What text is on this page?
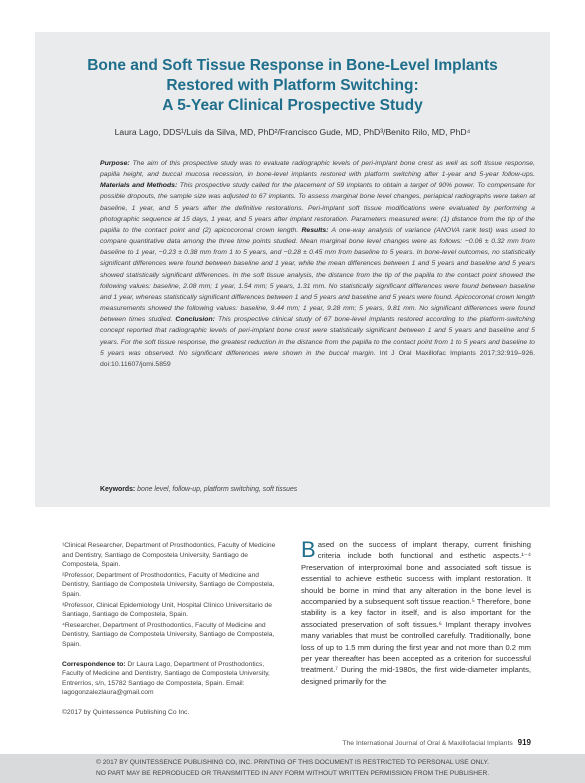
Bone and Soft Tissue Response in Bone-Level Implants
Restored with Platform Switching:
A 5-Year Clinical Prospective Study
Laura Lago, DDS¹/Luis da Silva, MD, PhD²/Francisco Gude, MD, PhD³/Benito Rilo, MD, PhD⁴
Purpose: The aim of this prospective study was to evaluate radiographic levels of peri-implant bone crest as well as soft tissue response, papilla height, and buccal mucosa recession, in bone-level implants restored with platform switching after 1-year and 5-year follow-ups. Materials and Methods: This prospective study called for the placement of 59 implants to obtain a target of 90% power. To compensate for possible dropouts, the sample size was adjusted to 67 implants. To assess marginal bone level changes, periapical radiographs were taken at baseline, 1 year, and 5 years after the definitive restorations. Peri-implant soft tissue modifications were evaluated by performing a photographic sequence at 15 days, 1 year, and 5 years after implant restoration. Parameters measured were: (1) distance from the tip of the papilla to the contact point and (2) apicocoronal crown length. Results: A one-way analysis of variance (ANOVA rank test) was used to compare quantitative data among the three time points studied. Mean marginal bone level changes were as follows: −0.06 ± 0.32 mm from baseline to 1 year, −0.23 ± 0.38 mm from 1 to 5 years, and −0.28 ± 0.45 mm from baseline to 5 years. In bone-level outcomes, no statistically significant differences were found between baseline and 1 year, while the mean differences between 1 and 5 years and baseline and 5 years showed statistically significant differences. In the soft tissue analysis, the distance from the tip of the papilla to the contact point showed the following values: baseline, 2.08 mm; 1 year, 1.54 mm; 5 years, 1.31 mm. No statistically significant differences were found between baseline and 1 year, whereas statistically significant differences between 1 and 5 years and baseline and 5 years were found. Apicocoronal crown length measurements showed the following values: baseline, 9.44 mm; 1 year, 9.28 mm; 5 years, 9.81 mm. No significant differences were found between times studied. Conclusion: This prospective clinical study of 67 bone-level implants restored according to the platform-switching concept reported that radiographic levels of peri-implant bone crest were statistically significant between 1 and 5 years and baseline and 5 years. For the soft tissue response, the greatest reduction in the distance from the papilla to the contact point from 1 to 5 years and baseline to 5 years was observed. No significant differences were shown in the buccal margin. Int J Oral Maxillofac Implants 2017;32:919–926. doi:10.11607/jomi.5859
Keywords: bone level, follow-up, platform switching, soft tissues
¹Clinical Researcher, Department of Prosthodontics, Faculty of Medicine and Dentistry, Santiago de Compostela University, Santiago de Compostela, Spain.
²Professor, Department of Prosthodontics, Faculty of Medicine and Dentistry, Santiago de Compostela University, Santiago de Compostela, Spain.
³Professor, Clinical Epidemiology Unit, Hospital Clínico Universitario de Santiago, Santiago de Compostela, Spain.
⁴Researcher, Department of Prosthodontics, Faculty of Medicine and Dentistry, Santiago de Compostela University, Santiago de Compostela, Spain.
Correspondence to: Dr Laura Lago, Department of Prosthodontics, Faculty of Medicine and Dentistry, Santiago de Compostela University, Entrerríos, s/n, 15782 Santiago de Compostela, Spain. Email: lagogonzalezlaura@gmail.com
©2017 by Quintessence Publishing Co Inc.
Based on the success of implant therapy, current finishing criteria include both functional and esthetic aspects.¹⁻⁴ Preservation of interproximal bone and associated soft tissue is essential to achieve esthetic success with implant restoration. It should be borne in mind that any alteration in the bone level is accompanied by a subsequent soft tissue reaction.⁵ Therefore, bone stability is a key factor in itself, and is also important for the associated preservation of soft tissues.⁶ Implant therapy involves many variables that must be controlled carefully. Traditionally, bone loss of up to 1.5 mm during the first year and not more than 0.2 mm per year thereafter has been accepted as a criterion for successful treatment.⁷ During the mid-1980s, the first wide-diameter implants, designed primarily for the
The International Journal of Oral & Maxillofacial Implants 919
© 2017 BY QUINTESSENCE PUBLISHING CO, INC. PRINTING OF THIS DOCUMENT IS RESTRICTED TO PERSONAL USE ONLY.
NO PART MAY BE REPRODUCED OR TRANSMITTED IN ANY FORM WITHOUT WRITTEN PERMISSION FROM THE PUBLISHER.
